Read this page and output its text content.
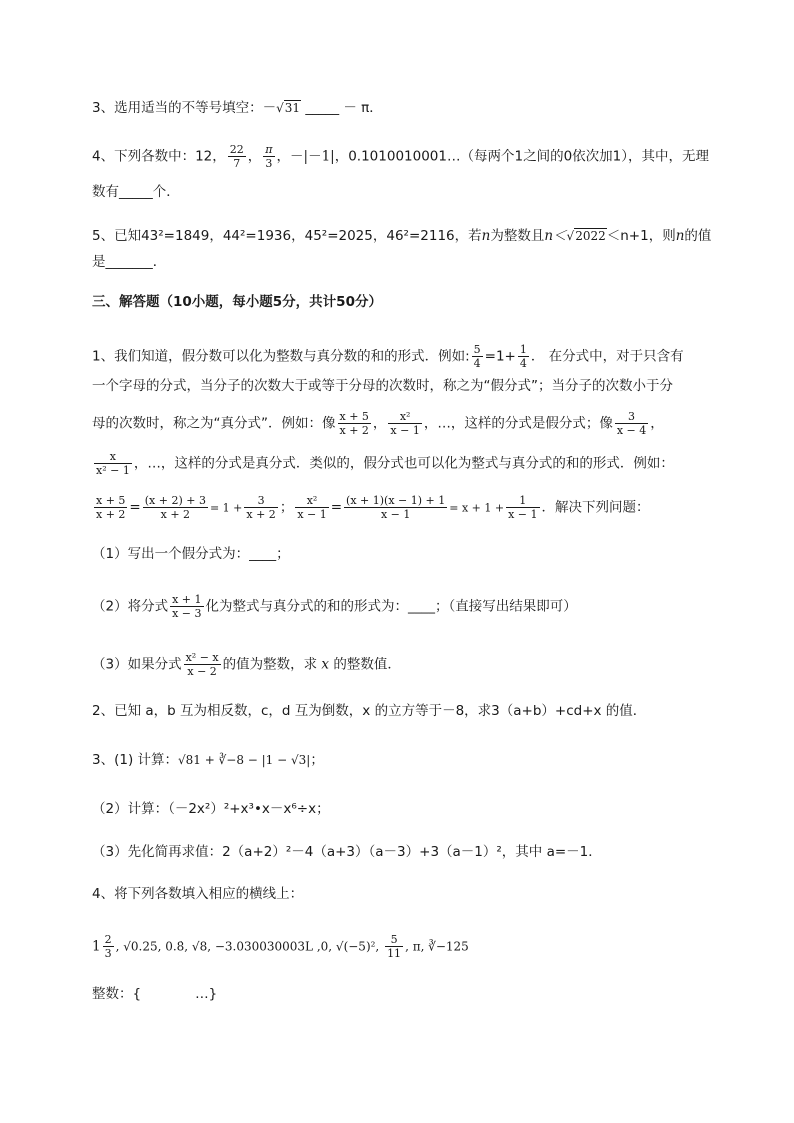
3、选用适当的不等号填空：－√31 _____ － π．
4、下列各数中：12， $\frac{22}{7}$ ， $\frac{\pi}{3}$ ，－|－1|，0.1010010001…（每两个1之间的0依次加1），其中，无理
数有_____个．
5、已知43²=1849，44²=1936，45²=2025，46²=2116，若n为整数且n＜√2022＜n+1，则n的值
是_______．
三、解答题（10小题，每小题5分，共计50分）
1、我们知道，假分数可以化为整数与真分数的和的形式．例如: $\frac{5}{4} =1+ \frac{1}{4}$ ． 在分式中，对于只含有
一个字母的分式，当分子的次数大于或等于分母的次数时，称之为“假分式”；当分子的次数小于分
母的次数时，称之为“真分式”．例如：像 $\frac{x + 5}{x + 2}$ ， $\frac{\text{x²}}{x - 1}$ ，…，这样的分式是假分式；像 $\frac{3}{x - 4}$ ，
$\frac{x}{\text{x² − 1}}$ ，…，这样的分式是真分式．类似的，假分式也可以化为整式与真分式的和的形式．例如：
$\frac{x + 5}{x + 2} = \frac{(x + 2) + 3}{x + 2} = 1 + \frac{3}{x + 2}$ ； $\frac{\text{x²}}{x - 1} = \frac{(x + 1)(x - 1) + 1}{x - 1} = x + 1 + \frac{1}{x - 1}$ ．解决下列问题：
（1）写出一个假分式为：____；
（2）将分式 $\frac{x + 1}{x - 3}$ 化为整式与真分式的和的形式为：____；（直接写出结果即可）
（3）如果分式 $\frac{\text{x² − x}}{x - 2}$ 的值为整数，求 x 的整数值．
2、已知 a，b 互为相反数，c，d 互为倒数，x 的立方等于－8，求3（a+b）+cd+x 的值．
3、(1) 计算：√81 + ∛−8 − |1 − √3|；
（2）计算：（－2x²）²+x³•x－x⁶÷x；
（3）先化简再求值：2（a+2）²－4（a+3）（a－3）+3（a－1）²，其中 a=－1．
4、将下列各数填入相应的横线上：
$1 \frac{2}{3}$ , √0.25, 0.8̇, √8, −3.030030003L ,0, √(−5)², $\frac{5}{11}$ , π, ∛−125
整数：{　　　　…}
